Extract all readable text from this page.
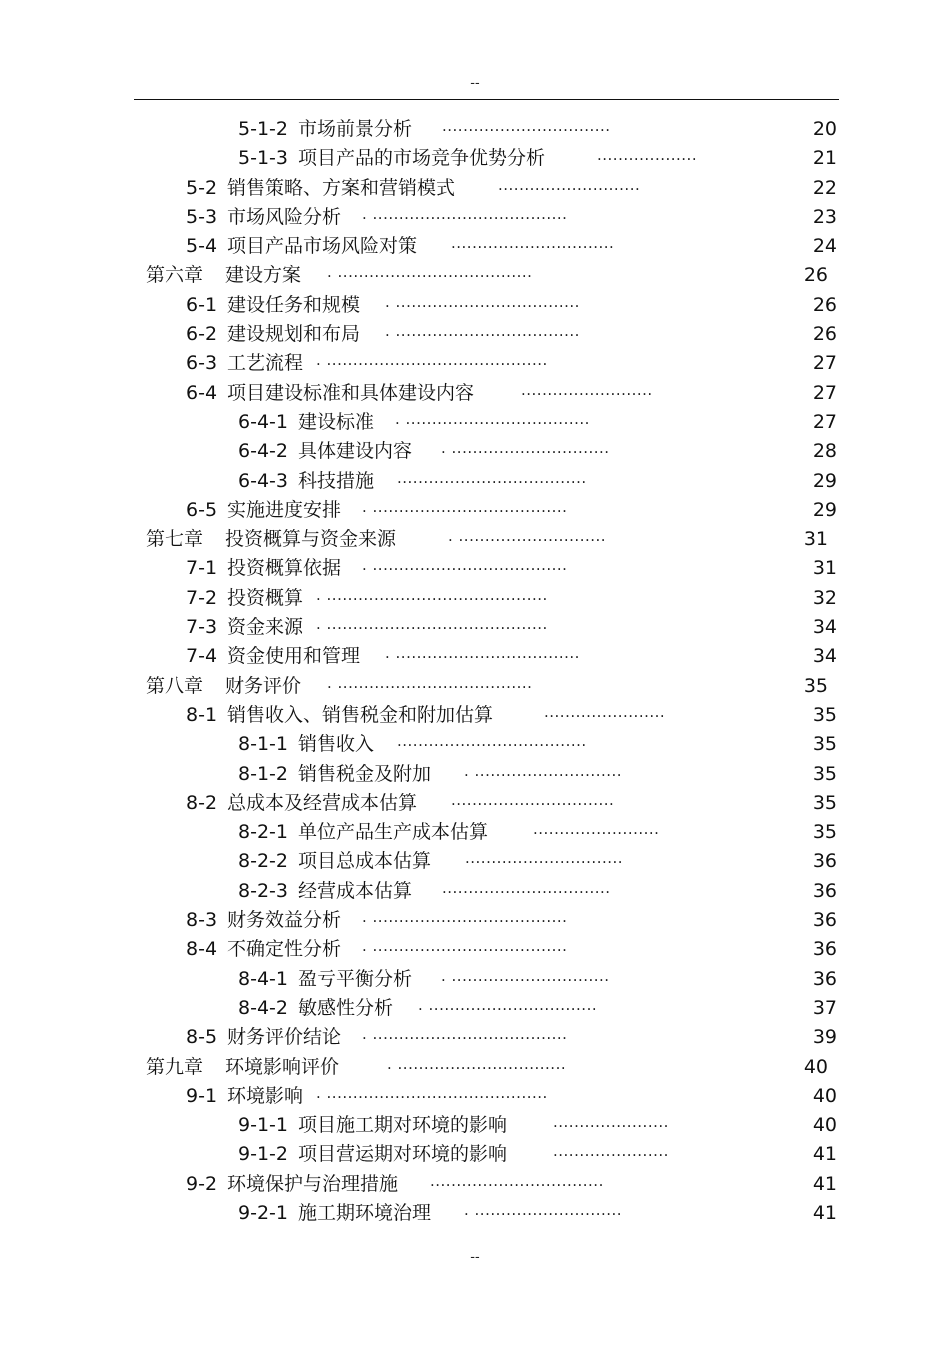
--
5-1-2 市场前景分析 ................................	20
5-1-3 项目产品的市场竞争优势分析	...................	21
5-2 销售策略、方案和营销模式	...........................	22
5-3 市场风险分析 . .....................................	23
5-4 项目产品市场风险对策 ...............................	24
第六章 建设方案 . .....................................	26
6-1 建设任务和规模 . ...................................	26
6-2 建设规划和布局 . ...................................	26
6-3 工艺流程 . ..........................................	27
6-4 项目建设标准和具体建设内容	.........................	27
6-4-1 建设标准 . ...................................	27
6-4-2 具体建设内容 . ..............................	28
6-4-3 科技措施 ....................................	29
6-5 实施进度安排 . .....................................	29
第七章 投资概算与资金来源	. ............................	31
7-1 投资概算依据 . .....................................	31
7-2 投资概算 . ..........................................	32
7-3 资金来源 . ..........................................	34
7-4 资金使用和管理 . ...................................	34
第八章 财务评价 . .....................................	35
8-1 销售收入、销售税金和附加估算	.......................	35
8-1-1 销售收入 ....................................	35
8-1-2 销售税金及附加 . ............................	35
8-2 总成本及经营成本估算 ...............................	35
8-2-1 单位产品生产成本估算	........................	35
8-2-2 项目总成本估算 ..............................	36
8-2-3 经营成本估算 ................................	36
8-3 财务效益分析 . .....................................	36
8-4 不确定性分析 . .....................................	36
8-4-1 盈亏平衡分析 . ..............................	36
8-4-2 敏感性分析 . ................................	37
8-5 财务评价结论 . .....................................	39
第九章 环境影响评价	. ................................	40
9-1 环境影响 . ..........................................	40
9-1-1 项目施工期对环境的影响	......................	40
9-1-2 项目营运期对环境的影响	......................	41
9-2 环境保护与治理措施 .................................	41
9-2-1 施工期环境治理 . ............................	41
--
